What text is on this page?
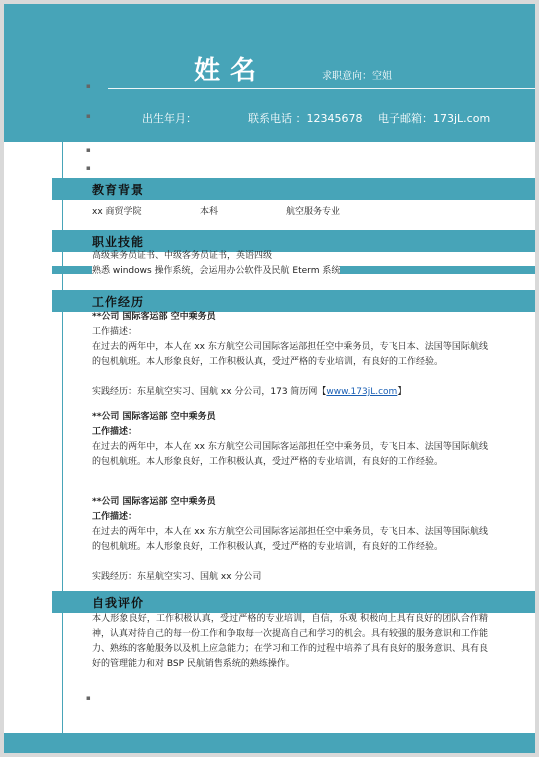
姓名	求职意向：空姐
出生年月：	联系电话 ：12345678 电子邮箱：173jL.com
▪
▪
▪
▪
教育背景
xx 商贸学院	本科	航空服务专业
职业技能
高级乘务员证书、中级客务员证书，英语四级
熟悉 windows 操作系统，会运用办公软件及民航 Eterm 系统
工作经历
**公司 国际客运部 空中乘务员
工作描述：
在过去的两年中，本人在 xx 东方航空公司国际客运部担任空中乘务员，专飞日本、法国等国际航线的包机航班。本人形象良好，工作积极认真，受过严格的专业培训，有良好的工作经验。
实践经历：东星航空实习、国航 xx 分公司，173 简历网【www.173jL.com】
**公司 国际客运部 空中乘务员
工作描述：
在过去的两年中，本人在 xx 东方航空公司国际客运部担任空中乘务员，专飞日本、法国等国际航线的包机航班。本人形象良好，工作积极认真，受过严格的专业培训，有良好的工作经验。
**公司 国际客运部 空中乘务员
工作描述：
在过去的两年中，本人在 xx 东方航空公司国际客运部担任空中乘务员，专飞日本、法国等国际航线的包机航班。本人形象良好，工作积极认真，受过严格的专业培训，有良好的工作经验。
实践经历：东星航空实习、国航 xx 分公司
自我评价
本人形象良好，工作积极认真，受过严格的专业培训，自信，乐观 积极向上具有良好的团队合作精神，认真对待自己的每一份工作和争取每一次提高自己和学习的机会。具有较强的服务意识和工作能力、熟练的客舱服务以及机上应急能力；在学习和工作的过程中培养了具有良好的服务意识、具有良好的管理能力和对 BSP 民航销售系统的熟练操作。
▪
